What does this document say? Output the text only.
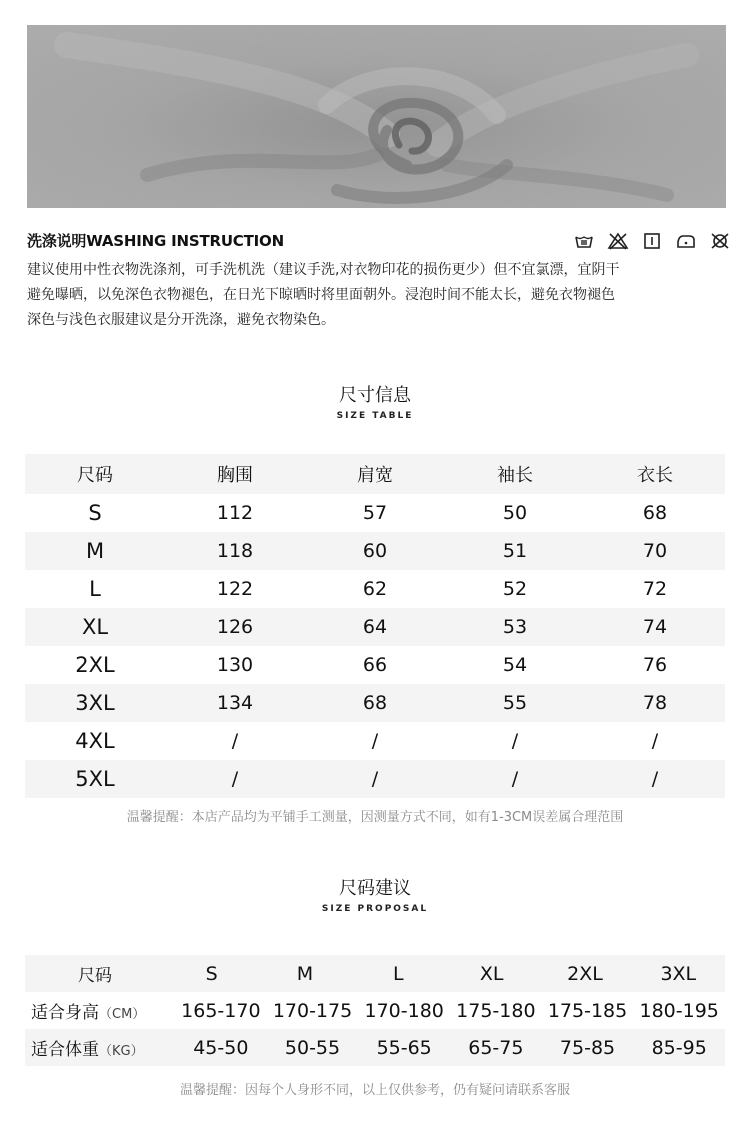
洗涤说明WASHING INSTRUCTION
建议使用中性衣物洗涤剂，可手洗机洗（建议手洗,对衣物印花的损伤更少）但不宜氯漂，宜阴干
避免曝晒，以免深色衣物褪色，在日光下晾晒时将里面朝外。浸泡时间不能太长，避免衣物褪色
深色与浅色衣服建议是分开洗涤，避免衣物染色。
尺寸信息
SIZE TABLE
尺码	胸围	肩宽	袖长	衣长
S	112	57	50	68
M	118	60	51	70
L	122	62	52	72
XL	126	64	53	74
2XL	130	66	54	76
3XL	134	68	55	78
4XL	/	/	/	/
5XL	/	/	/	/
温馨提醒：本店产品均为平铺手工测量，因测量方式不同，如有1-3CM误差属合理范围
尺码建议
SIZE PROPOSAL
尺码	S	M	L	XL	2XL	3XL
适合身高（CM）	165-170 170-175 170-180 175-180 175-185 180-195
适合体重（KG）	45-50	50-55	55-65	65-75	75-85	85-95
温馨提醒：因每个人身形不同，以上仅供参考，仍有疑问请联系客服
